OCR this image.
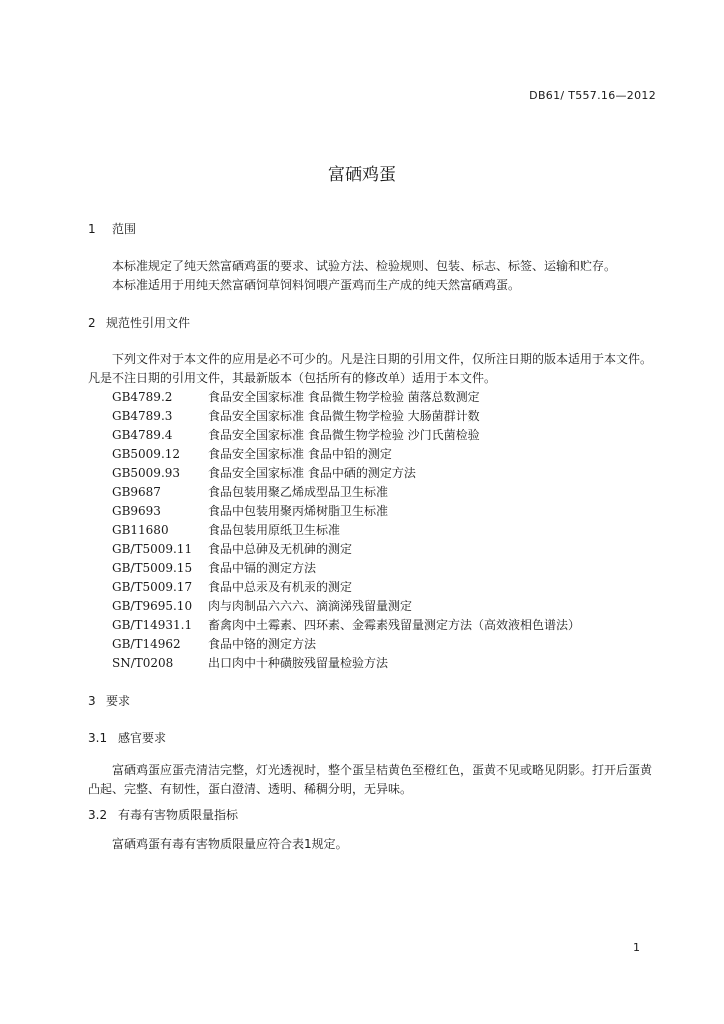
DB61/ T557.16—2012
富硒鸡蛋
1 范围

本标准规定了纯天然富硒鸡蛋的要求、试验方法、检验规则、包装、标志、标签、运输和贮存。

本标准适用于用纯天然富硒饲草饲料饲喂产蛋鸡而生产成的纯天然富硒鸡蛋。

2 规范性引用文件

下列文件对于本文件的应用是必不可少的。凡是注日期的引用文件，仅所注日期的版本适用于本文件。凡是不注日期的引用文件，其最新版本（包括所有的修改单）适用于本文件。

GB4789.2	食品安全国家标准 食品微生物学检验 菌落总数测定
GB4789.3	食品安全国家标准 食品微生物学检验 大肠菌群计数
GB4789.4	食品安全国家标准 食品微生物学检验 沙门氏菌检验
GB5009.12	食品安全国家标准 食品中铅的测定
GB5009.93	食品安全国家标准 食品中硒的测定方法
GB9687	食品包装用聚乙烯成型品卫生标准
GB9693	食品中包装用聚丙烯树脂卫生标准
GB11680	食品包装用原纸卫生标准
GB/T5009.11	食品中总砷及无机砷的测定
GB/T5009.15	食品中镉的测定方法
GB/T5009.17	食品中总汞及有机汞的测定
GB/T9695.10	肉与肉制品六六六、滴滴涕残留量测定
GB/T14931.1	畜禽肉中土霉素、四环素、金霉素残留量测定方法（高效液相色谱法）
GB/T14962	食品中铬的测定方法
SN/T0208	出口肉中十种磺胺残留量检验方法
3 要求
3.1 感官要求

富硒鸡蛋应蛋壳清洁完整，灯光透视时，整个蛋呈桔黄色至橙红色，蛋黄不见或略见阴影。打开后蛋黄凸起、完整、有韧性，蛋白澄清、透明、稀稠分明，无异味。

3.2 有毒有害物质限量指标

富硒鸡蛋有毒有害物质限量应符合表1规定。

1
